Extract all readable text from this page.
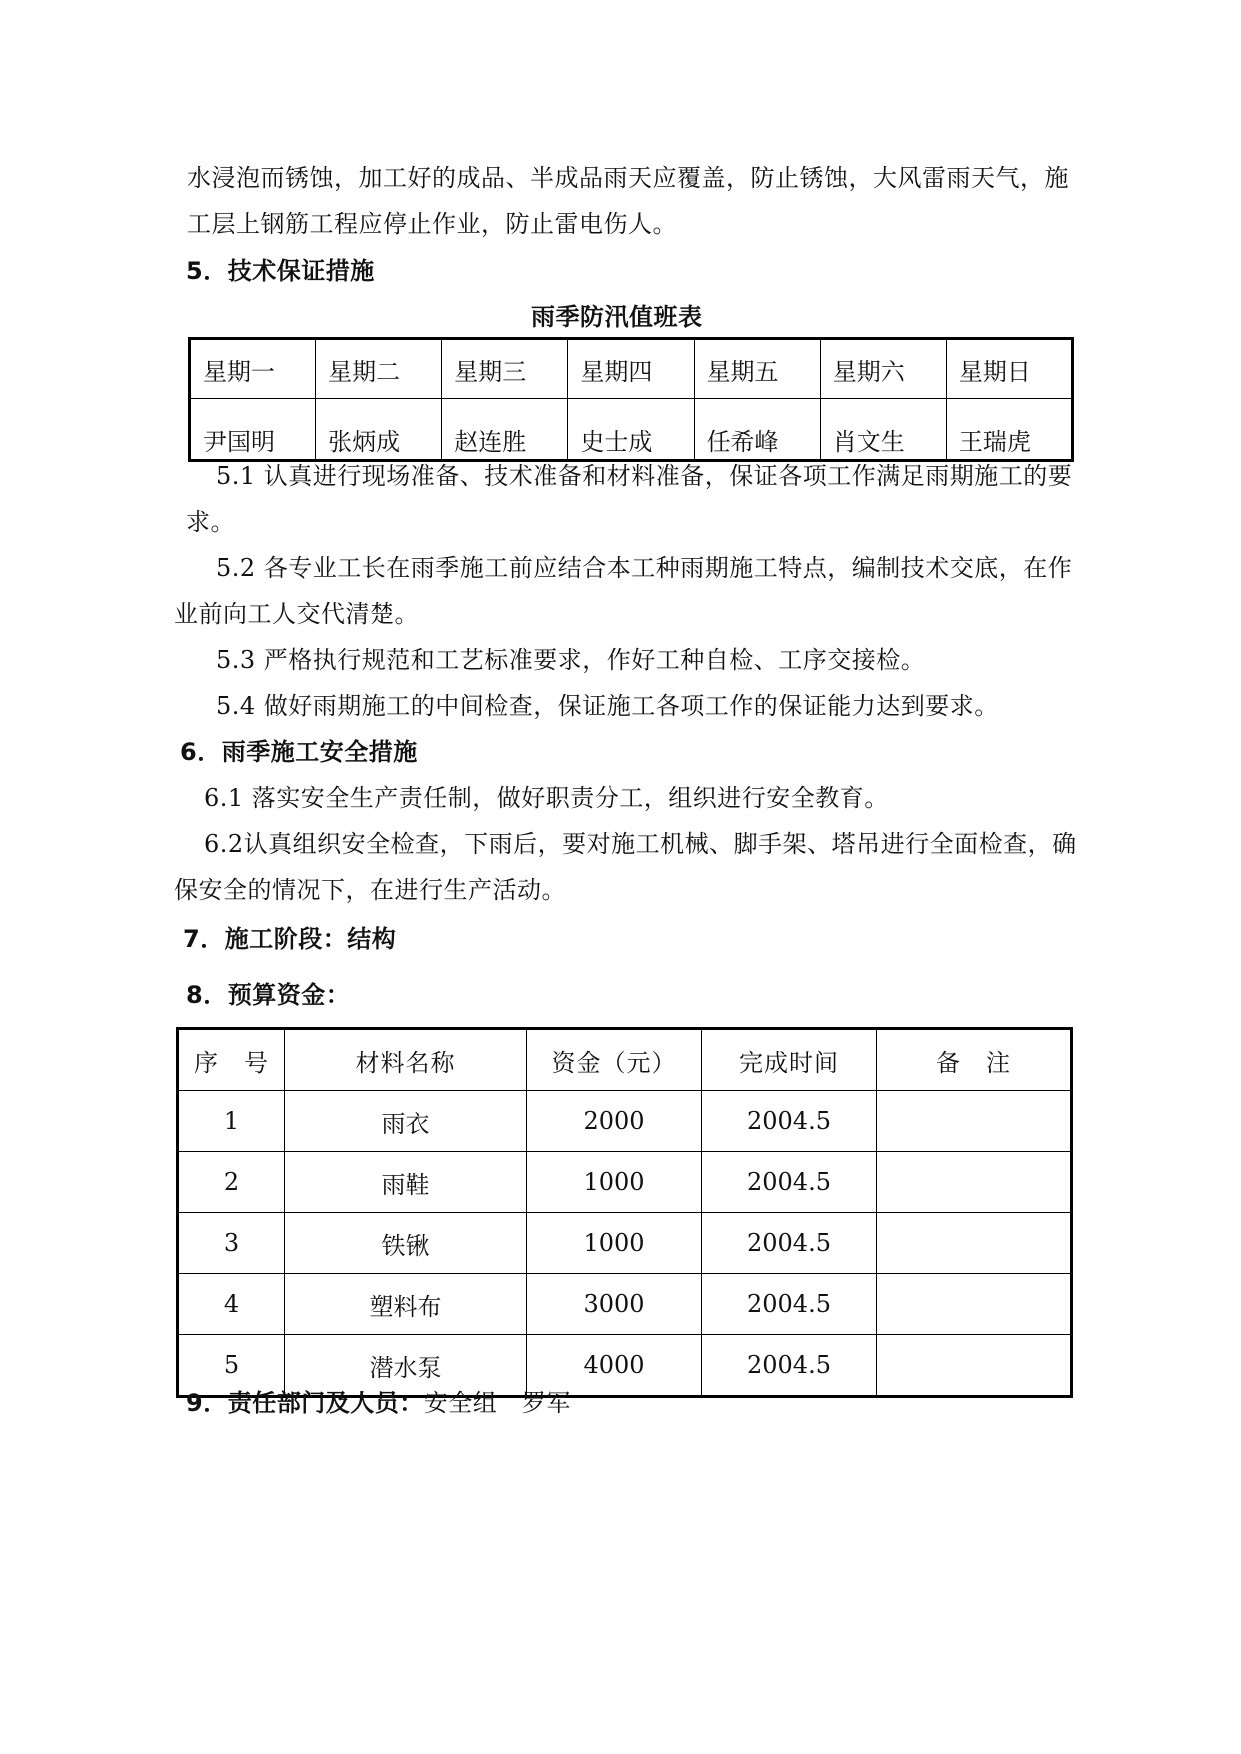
水浸泡而锈蚀，加工好的成品、半成品雨天应覆盖，防止锈蚀，大风雷雨天气，施
工层上钢筋工程应停止作业，防止雷电伤人。
5．技术保证措施
雨季防汛值班表
星期一	星期二	星期三	星期四	星期五	星期六	星期日
尹国明	张炳成	赵连胜	史士成	任希峰	肖文生	王瑞虎
5.1 认真进行现场准备、技术准备和材料准备，保证各项工作满足雨期施工的要
求。
5.2 各专业工长在雨季施工前应结合本工种雨期施工特点，编制技术交底，在作
业前向工人交代清楚。
5.3 严格执行规范和工艺标准要求，作好工种自检、工序交接检。
5.4 做好雨期施工的中间检查，保证施工各项工作的保证能力达到要求。
6．雨季施工安全措施
6.1 落实安全生产责任制，做好职责分工，组织进行安全教育。
6.2认真组织安全检查，下雨后，要对施工机械、脚手架、塔吊进行全面检查，确
保安全的情况下，在进行生产活动。
7．施工阶段：结构
8．预算资金：
序　号	材料名称	资金（元）	完成时间	备　注
1	雨衣	2000	2004.5	
2	雨鞋	1000	2004.5	
3	铁锹	1000	2004.5	
4	塑料布	3000	2004.5	
5	潜水泵	4000	2004.5	
9．责任部门及人员：安全组　罗军
